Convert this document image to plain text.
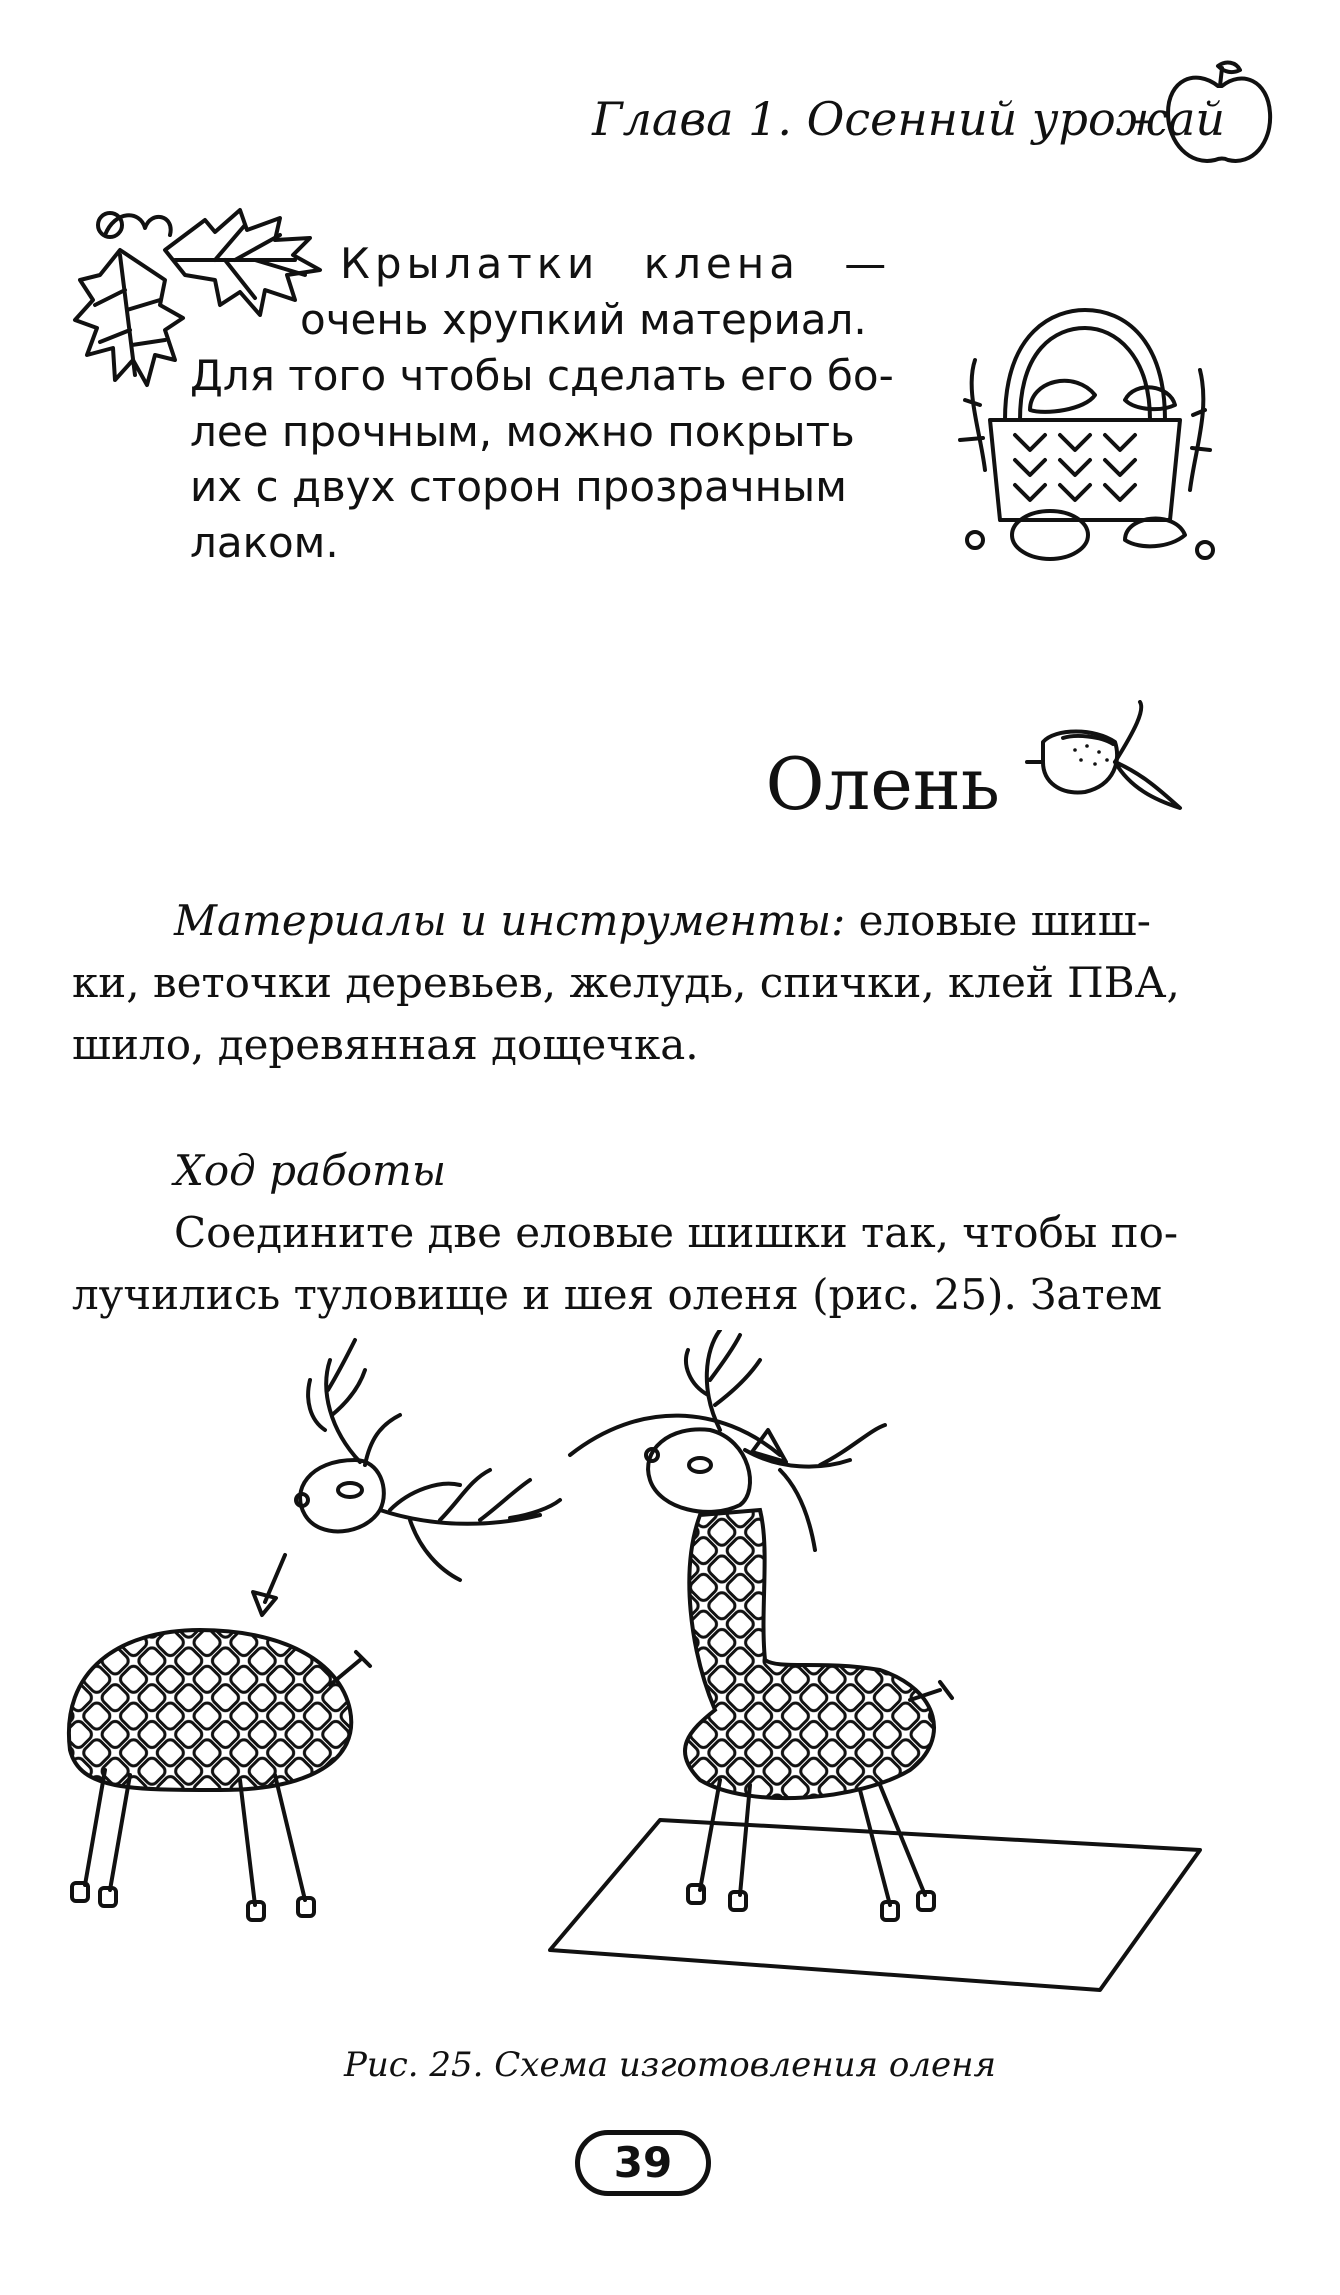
Глава 1. Осенний урожай
Крылатки клена —
очень хрупкий материал.
Для того чтобы сделать его бо-
лее прочным, можно покрыть
их с двух сторон прозрачным
лаком.
Олень
Материалы и инструменты: еловые шиш-
ки, веточки деревьев, желудь, спички, клей ПВА,
шило, деревянная дощечка.
Ход работы
Соедините две еловые шишки так, чтобы по-
лучились туловище и шея оленя (рис. 25). Затем
Рис. 25. Схема изготовления оленя
39
